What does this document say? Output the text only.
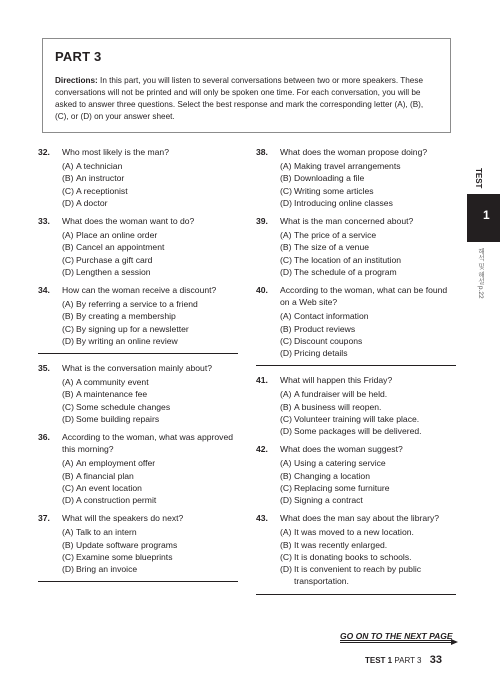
PART 3

Directions: In this part, you will listen to several conversations between two or more speakers. These conversations will not be printed and will only be spoken one time. For each conversation, you will be asked to answer three questions. Select the best response and mark the corresponding letter (A), (B), (C), or (D) on your answer sheet.

32.	Who most likely is the man?
(A) A technician
(B) An instructor
(C) A receptionist
(D) A doctor
33.	What does the woman want to do?
(A) Place an online order
(B) Cancel an appointment
(C) Purchase a gift card
(D) Lengthen a session
34.	How can the woman receive a discount?
(A) By referring a service to a friend
(B) By creating a membership
(C) By signing up for a newsletter
(D) By writing an online review
35.	What is the conversation mainly about?
(A) A community event
(B) A maintenance fee
(C) Some schedule changes
(D) Some building repairs
36.	According to the woman, what was approved this morning?
(A) An employment offer
(B) A financial plan
(C) An event location
(D) A construction permit
37.	What will the speakers do next?
(A) Talk to an intern
(B) Update software programs
(C) Examine some blueprints
(D) Bring an invoice
38.	What does the woman propose doing?
(A) Making travel arrangements
(B) Downloading a file
(C) Writing some articles
(D) Introducing online classes
39.	What is the man concerned about?
(A) The price of a service
(B) The size of a venue
(C) The location of an institution
(D) The schedule of a program
40.	According to the woman, what can be found on a Web site?
(A) Contact information
(B) Product reviews
(C) Discount coupons
(D) Pricing details
41.	What will happen this Friday?
(A) A fundraiser will be held.
(B) A business will reopen.
(C) Volunteer training will take place.
(D) Some packages will be delivered.
42.	What does the woman suggest?
(A) Using a catering service
(B) Changing a location
(C) Replacing some furniture
(D) Signing a contract
43.	What does the man say about the library?
(A) It was moved to a new location.
(B) It was recently enlarged.
(C) It is donating books to schools.
(D) It is convenient to reach by public transportation.
TEST
1
해석 및 해설 p.22
GO ON TO THE NEXT PAGE
TEST 1 PART 3 33
